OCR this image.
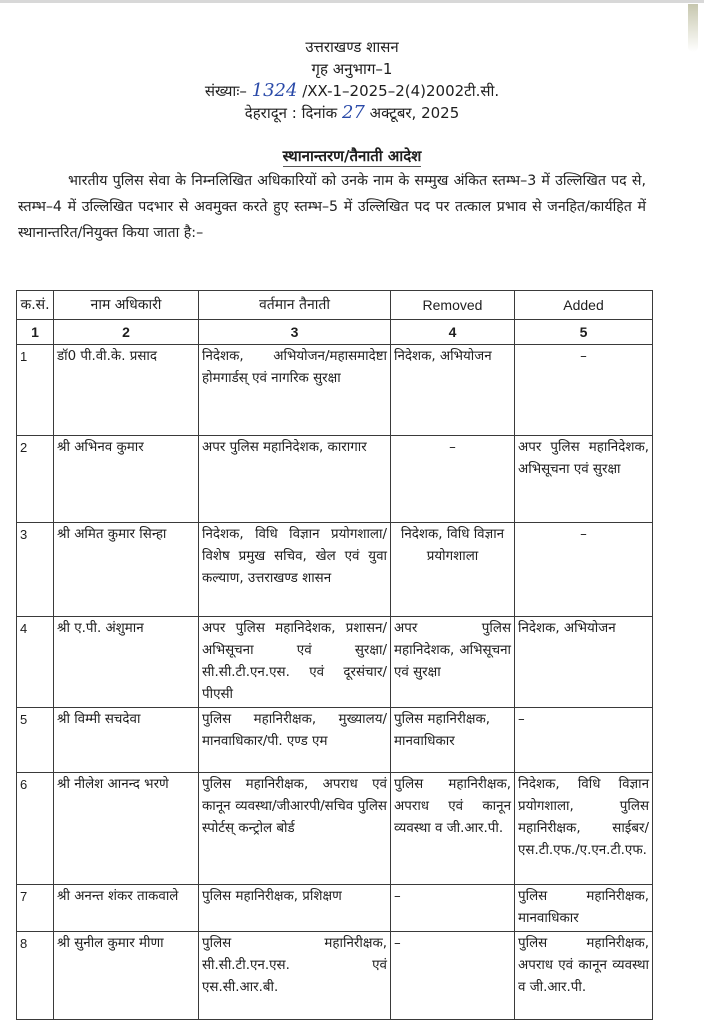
उत्तराखण्ड शासन
गृह अनुभाग–1
संख्याः– 1324 /XX-1–2025–2(4)2002टी.सी.
देहरादून : दिनांक 27 अक्टूबर, 2025
स्थानान्तरण/तैनाती आदेश
भारतीय पुलिस सेवा के निम्नलिखित अधिकारियों को उनके नाम के सम्मुख अंकित स्तम्भ–3 में उल्लिखित पद से, स्तम्भ–4 में उल्लिखित पदभार से अवमुक्त करते हुए स्तम्भ–5 में उल्लिखित पद पर तत्काल प्रभाव से जनहित/कार्यहित में स्थानान्तरित/नियुक्त किया जाता है:–
क.सं.	नाम अधिकारी	वर्तमान तैनाती	Removed	Added
1	2	3	4	5
1	डॉ0 पी.वी.के. प्रसाद	निदेशक, अभियोजन/महासमादेष्टा होमगार्डस् एवं नागरिक सुरक्षा	निदेशक, अभियोजन	–
2	श्री अभिनव कुमार	अपर पुलिस महानिदेशक, कारागार	–	अपर पुलिस महानिदेशक, अभिसूचना एवं सुरक्षा
3	श्री अमित कुमार सिन्हा	निदेशक, विधि विज्ञान प्रयोगशाला/विशेष प्रमुख सचिव, खेल एवं युवा कल्याण, उत्तराखण्ड शासन	निदेशक, विधि विज्ञान प्रयोगशाला	–
4	श्री ए.पी. अंशुमान	अपर पुलिस महानिदेशक, प्रशासन/अभिसूचना एवं सुरक्षा/सी.सी.टी.एन.एस. एवं दूरसंचार/पीएसी	अपर पुलिस महानिदेशक, अभिसूचना एवं सुरक्षा	निदेशक, अभियोजन
5	श्री विम्मी सचदेवा	पुलिस महानिरीक्षक, मुख्यालय/मानवाधिकार/पी. एण्ड एम	पुलिस महानिरीक्षक, मानवाधिकार	–
6	श्री नीलेश आनन्द भरणे	पुलिस महानिरीक्षक, अपराध एवं कानून व्यवस्था/जीआरपी/सचिव पुलिस स्पोर्टस् कन्ट्रोल बोर्ड	पुलिस महानिरीक्षक, अपराध एवं कानून व्यवस्था व जी.आर.पी.	निदेशक, विधि विज्ञान प्रयोगशाला, पुलिस महानिरीक्षक, साईबर/एस.टी.एफ./ए.एन.टी.एफ.
7	श्री अनन्त शंकर ताकवाले	पुलिस महानिरीक्षक, प्रशिक्षण	–	पुलिस महानिरीक्षक, मानवाधिकार
8	श्री सुनील कुमार मीणा	पुलिस महानिरीक्षक, सी.सी.टी.एन.एस. एवं एस.सी.आर.बी.	–	पुलिस महानिरीक्षक, अपराध एवं कानून व्यवस्था व जी.आर.पी.
